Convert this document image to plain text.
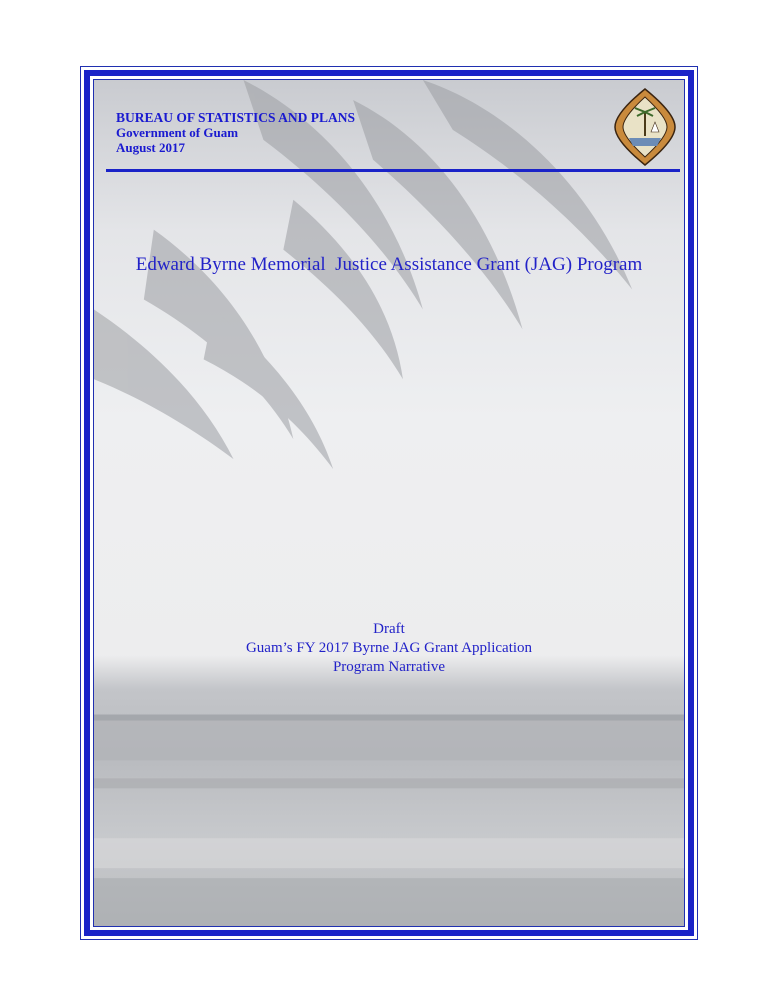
BUREAU OF STATISTICS AND PLANS
Government of Guam
August 2017
Edward Byrne Memorial  Justice Assistance Grant (JAG) Program
Draft
Guam’s FY 2017 Byrne JAG Grant Application
Program Narrative
